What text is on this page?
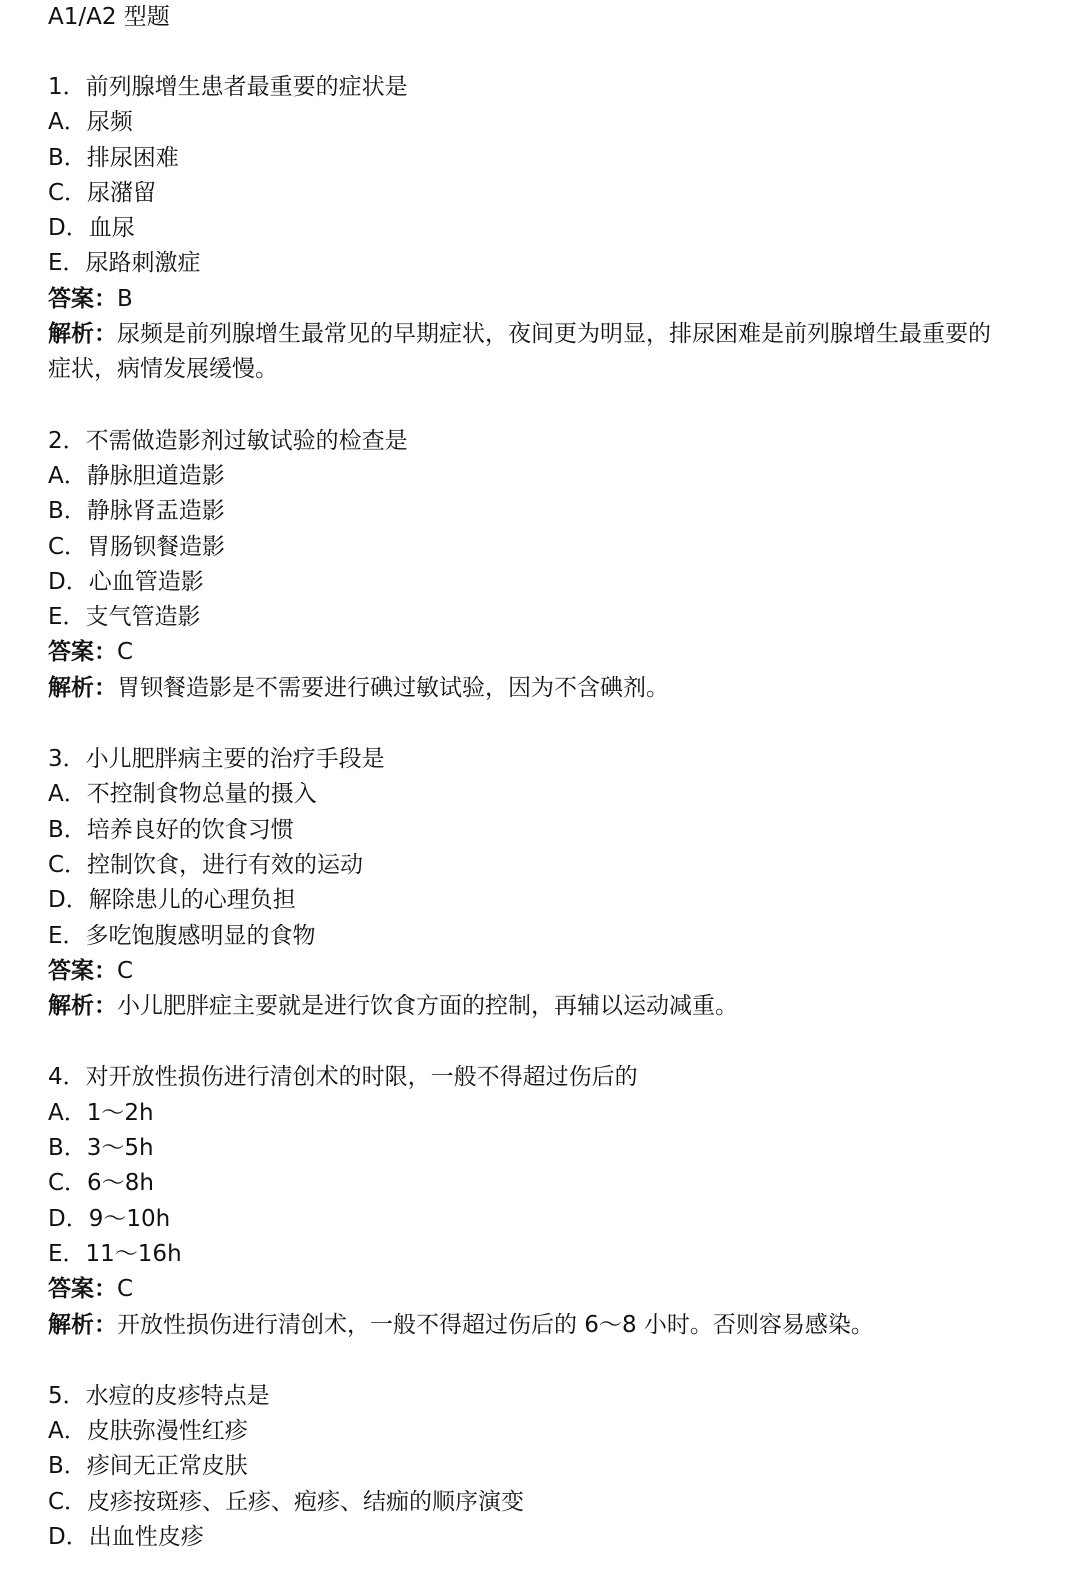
A1/A2 型题
1．前列腺增生患者最重要的症状是
A．尿频
B．排尿困难
C．尿潴留
D．血尿
E．尿路刺激症
答案：B
解析：尿频是前列腺增生最常见的早期症状，夜间更为明显，排尿困难是前列腺增生最重要的症状，病情发展缓慢。
2．不需做造影剂过敏试验的检查是
A．静脉胆道造影
B．静脉肾盂造影
C．胃肠钡餐造影
D．心血管造影
E．支气管造影
答案：C
解析：胃钡餐造影是不需要进行碘过敏试验，因为不含碘剂。
3．小儿肥胖病主要的治疗手段是
A．不控制食物总量的摄入
B．培养良好的饮食习惯
C．控制饮食，进行有效的运动
D．解除患儿的心理负担
E．多吃饱腹感明显的食物
答案：C
解析：小儿肥胖症主要就是进行饮食方面的控制，再辅以运动减重。
4．对开放性损伤进行清创术的时限，一般不得超过伤后的
A．1～2h
B．3～5h
C．6～8h
D．9～10h
E．11～16h
答案：C
解析：开放性损伤进行清创术，一般不得超过伤后的 6～8 小时。否则容易感染。
5．水痘的皮疹特点是
A．皮肤弥漫性红疹
B．疹间无正常皮肤
C．皮疹按斑疹、丘疹、疱疹、结痂的顺序演变
D．出血性皮疹
